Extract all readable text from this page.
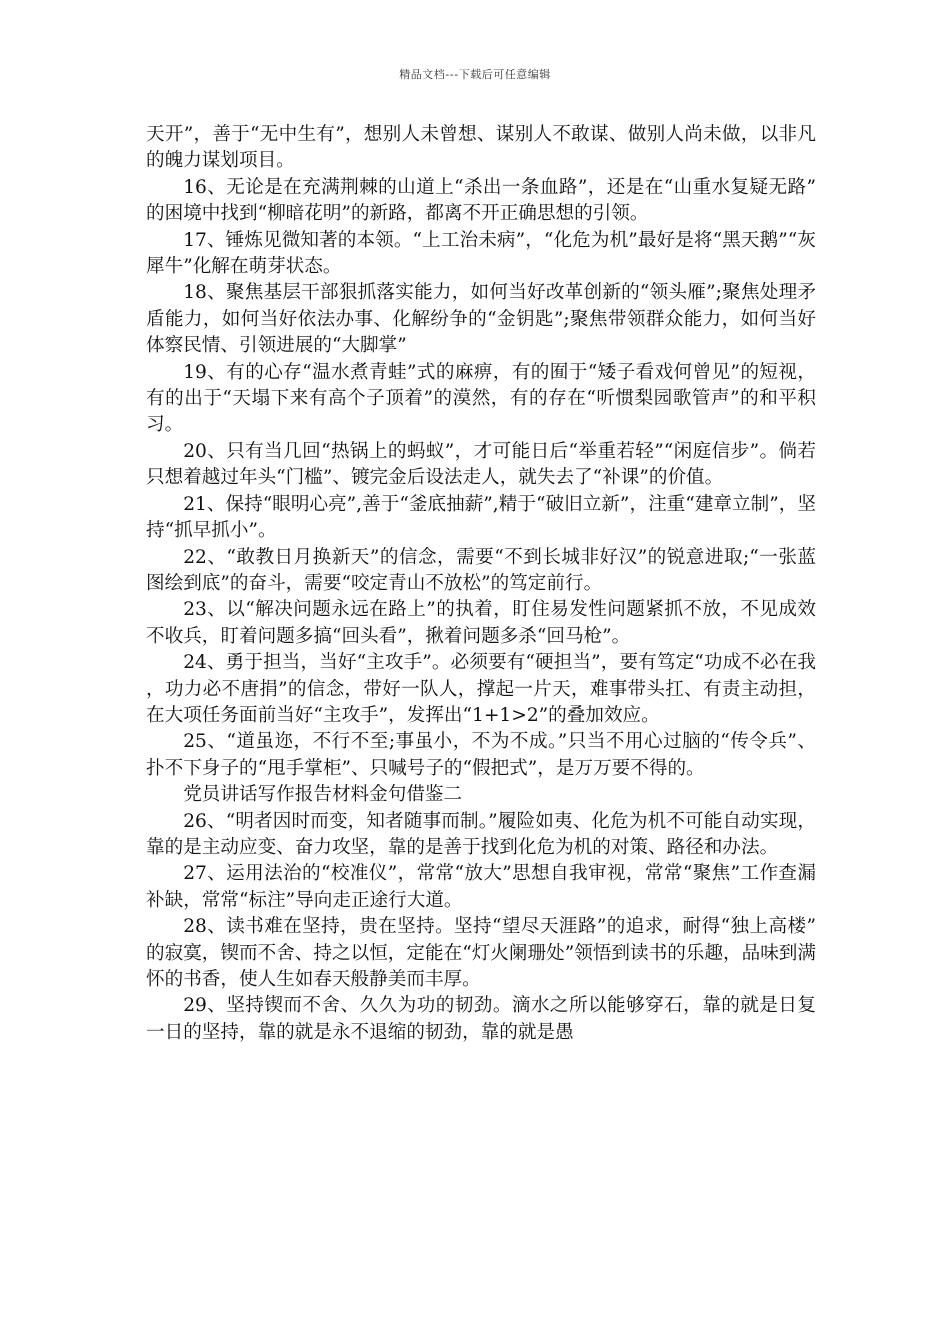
精品文档---下载后可任意编辑

天开”，善于“无中生有”，想别人未曾想、谋别人不敢谋、做别人尚未做，以非凡的魄力谋划项目。

16、无论是在充满荆棘的山道上“杀出一条血路”，还是在“山重水复疑无路”的困境中找到“柳暗花明”的新路，都离不开正确思想的引领。

17、锤炼见微知著的本领。“上工治未病”，“化危为机”最好是将“黑天鹅”“灰犀牛”化解在萌芽状态。

18、聚焦基层干部狠抓落实能力，如何当好改革创新的“领头雁”;聚焦处理矛盾能力，如何当好依法办事、化解纷争的“金钥匙”;聚焦带领群众能力，如何当好体察民情、引领进展的“大脚掌”

19、有的心存“温水煮青蛙”式的麻痹，有的囿于“矮子看戏何曾见”的短视，有的出于“天塌下来有高个子顶着”的漠然，有的存在“听惯梨园歌管声”的和平积习。

20、只有当几回“热锅上的蚂蚁”，才可能日后“举重若轻”“闲庭信步”。倘若只想着越过年头“门槛”、镀完金后设法走人，就失去了“补课”的价值。

21、保持“眼明心亮”,善于“釜底抽薪”,精于“破旧立新”，注重“建章立制”，坚持“抓早抓小”。

22、“敢教日月换新天”的信念，需要“不到长城非好汉”的锐意进取;“一张蓝图绘到底”的奋斗，需要“咬定青山不放松”的笃定前行。

23、以“解决问题永远在路上”的执着，盯住易发性问题紧抓不放，不见成效不收兵，盯着问题多搞“回头看”，揪着问题多杀“回马枪”。

24、勇于担当，当好“主攻手”。必须要有“硬担当”，要有笃定“功成不必在我，功力必不唐捐”的信念，带好一队人，撑起一片天，难事带头扛、有责主动担，在大项任务面前当好“主攻手”，发挥出“1+1>2”的叠加效应。

25、“道虽迩，不行不至;事虽小，不为不成。”只当不用心过脑的“传令兵”、扑不下身子的“甩手掌柜”、只喊号子的“假把式”，是万万要不得的。

党员讲话写作报告材料金句借鉴二

26、“明者因时而变，知者随事而制。”履险如夷、化危为机不可能自动实现，靠的是主动应变、奋力攻坚，靠的是善于找到化危为机的对策、路径和办法。

27、运用法治的“校准仪”，常常“放大”思想自我审视，常常“聚焦”工作查漏补缺，常常“标注”导向走正途行大道。

28、读书难在坚持，贵在坚持。坚持“望尽天涯路”的追求，耐得“独上高楼”的寂寞，锲而不舍、持之以恒，定能在“灯火阑珊处”领悟到读书的乐趣，品味到满怀的书香，使人生如春天般静美而丰厚。

29、坚持锲而不舍、久久为功的韧劲。滴水之所以能够穿石，靠的就是日复一日的坚持，靠的就是永不退缩的韧劲，靠的就是愚
